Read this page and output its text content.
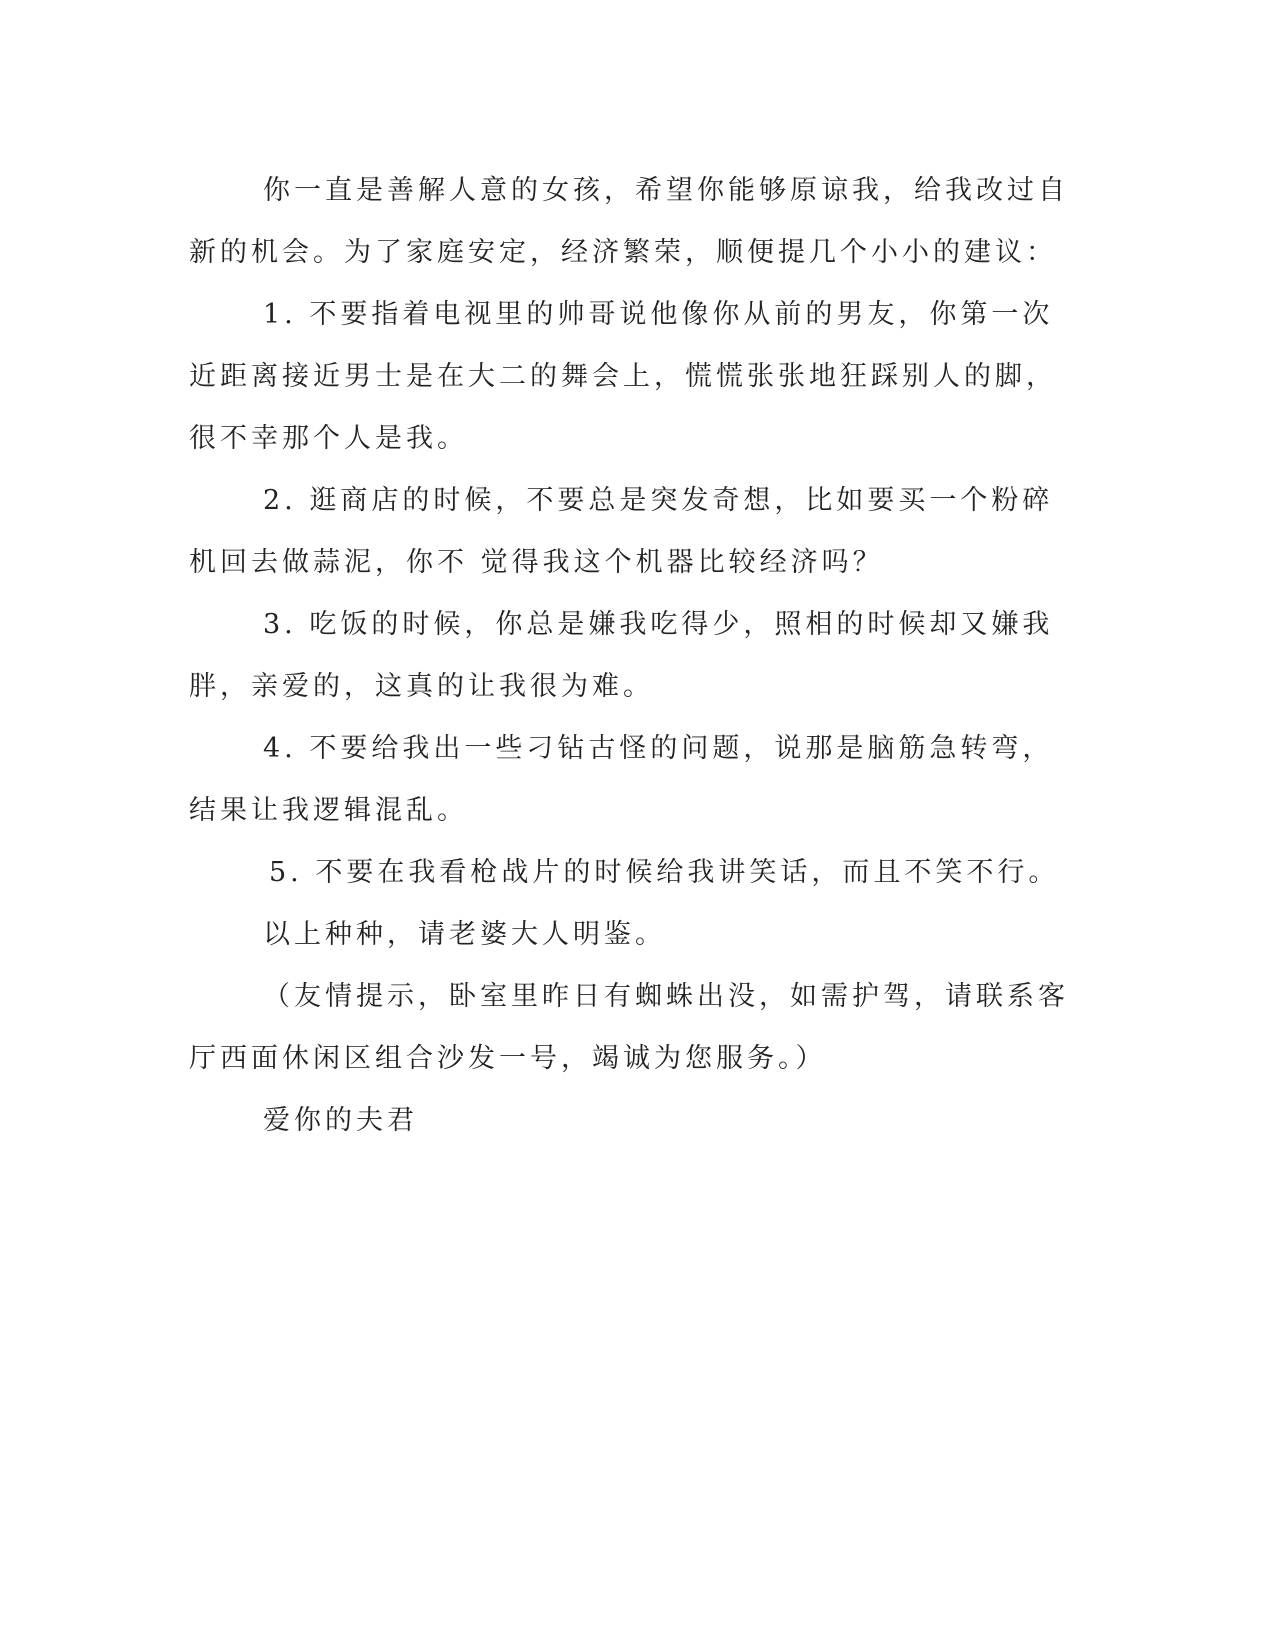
你一直是善解人意的女孩，希望你能够原谅我，给我改过自新的机会。为了家庭安定，经济繁荣，顺便提几个小小的建议：

1. 不要指着电视里的帅哥说他像你从前的男友，你第一次近距离接近男士是在大二的舞会上，慌慌张张地狂踩别人的脚，很不幸那个人是我。

2. 逛商店的时候，不要总是突发奇想，比如要买一个粉碎机回去做蒜泥，你不 觉得我这个机器比较经济吗？

3. 吃饭的时候，你总是嫌我吃得少，照相的时候却又嫌我胖，亲爱的，这真的让我很为难。

4. 不要给我出一些刁钻古怪的问题，说那是脑筋急转弯，结果让我逻辑混乱。

5. 不要在我看枪战片的时候给我讲笑话，而且不笑不行。

以上种种，请老婆大人明鉴。

（友情提示，卧室里昨日有蜘蛛出没，如需护驾，请联系客厅西面休闲区组合沙发一号，竭诚为您服务。）

爱你的夫君
